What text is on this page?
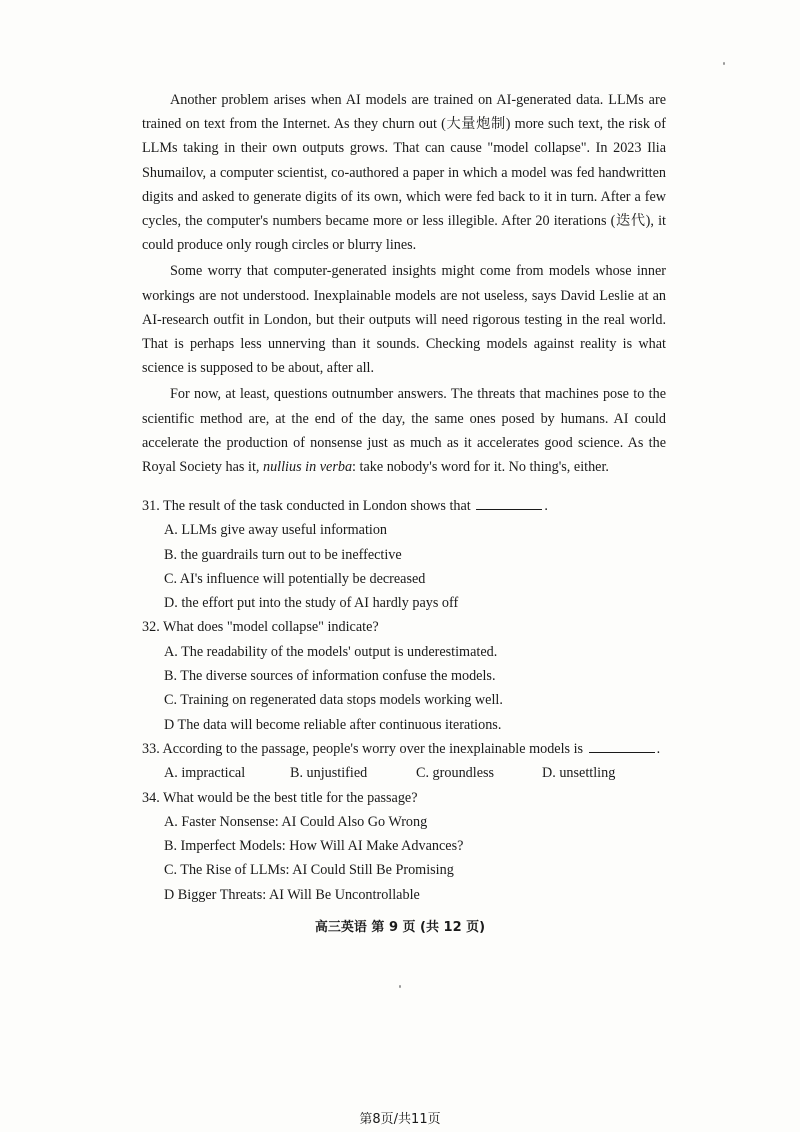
Another problem arises when AI models are trained on AI-generated data. LLMs are trained on text from the Internet. As they churn out (大量炮制) more such text, the risk of LLMs taking in their own outputs grows. That can cause "model collapse". In 2023 Ilia Shumailov, a computer scientist, co-authored a paper in which a model was fed handwritten digits and asked to generate digits of its own, which were fed back to it in turn. After a few cycles, the computer's numbers became more or less illegible. After 20 iterations (迭代), it could produce only rough circles or blurry lines.

Some worry that computer-generated insights might come from models whose inner workings are not understood. Inexplainable models are not useless, says David Leslie at an AI-research outfit in London, but their outputs will need rigorous testing in the real world. That is perhaps less unnerving than it sounds. Checking models against reality is what science is supposed to be about, after all.

For now, at least, questions outnumber answers. The threats that machines pose to the scientific method are, at the end of the day, the same ones posed by humans. AI could accelerate the production of nonsense just as much as it accelerates good science. As the Royal Society has it, nullius in verba: take nobody's word for it. No thing's, either.

31. The result of the task conducted in London shows that	.

A. LLMs give away useful information

B. the guardrails turn out to be ineffective

C. AI's influence will potentially be decreased

D. the effort put into the study of AI hardly pays off

32. What does "model collapse" indicate?

A. The readability of the models' output is underestimated.

B. The diverse sources of information confuse the models.

C. Training on regenerated data stops models working well.

D The data will become reliable after continuous iterations.

33. According to the passage, people's worry over the inexplainable models is	.

A. impractical	B. unjustified	C. groundless	D. unsettling

34. What would be the best title for the passage?

A. Faster Nonsense: AI Could Also Go Wrong

B. Imperfect Models: How Will AI Make Advances?

C. The Rise of LLMs: AI Could Still Be Promising

D Bigger Threats: AI Will Be Uncontrollable

高三英语 第 9 页 (共 12 页)
第8页/共11页
